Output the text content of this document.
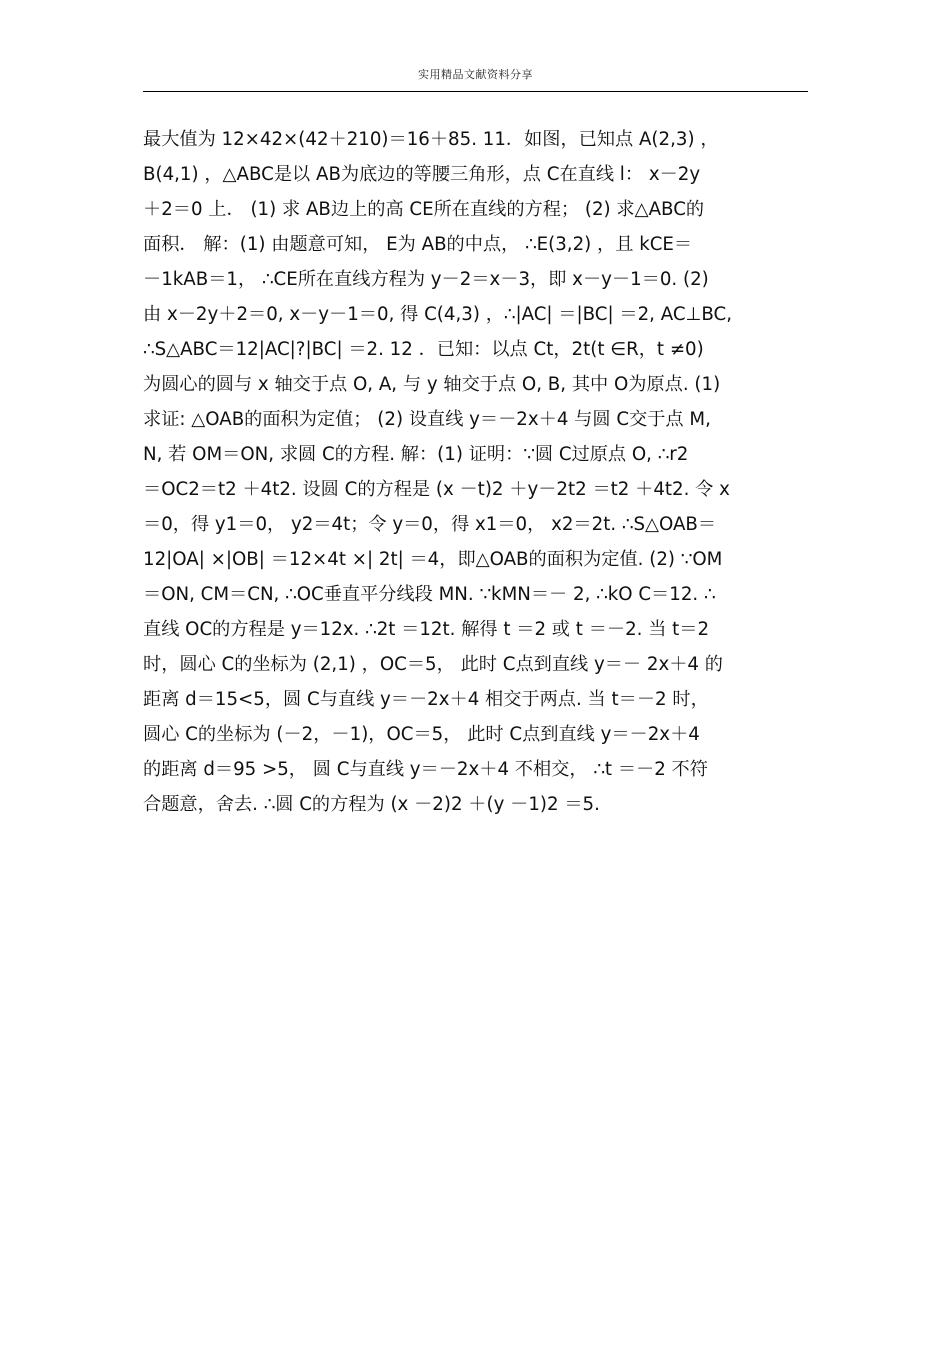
实用精品文献资料分享
最大值为 12×42×(42＋210)＝16＋85. 11．如图，已知点 A(2,3) ，
B(4,1) ，△ABC是以 AB为底边的等腰三角形，点 C在直线 l： x－2y
＋2＝0 上． (1) 求 AB边上的高 CE所在直线的方程； (2) 求△ABC的
面积． 解：(1) 由题意可知， E为 AB的中点， ∴E(3,2) ，且 kCE＝
－1kAB＝1， ∴CE所在直线方程为 y－2＝x－3，即 x－y－1＝0. (2)
由 x－2y＋2＝0, x－y－1＝0, 得 C(4,3) ，∴|AC| ＝|BC| ＝2, AC⊥BC,
∴S△ABC＝12|AC|?|BC| ＝2. 12 ．已知：以点 Ct，2t(t ∈R，t ≠0)
为圆心的圆与 x 轴交于点 O, A, 与 y 轴交于点 O, B, 其中 O为原点. (1)
求证: △OAB的面积为定值； (2) 设直线 y＝－2x＋4 与圆 C交于点 M,
N, 若 OM＝ON, 求圆 C的方程. 解：(1) 证明：∵圆 C过原点 O, ∴r2
＝OC2＝t2 ＋4t2. 设圆 C的方程是 (x －t)2 ＋y－2t2 ＝t2 ＋4t2. 令 x
＝0，得 y1＝0， y2＝4t；令 y＝0，得 x1＝0， x2＝2t. ∴S△OAB＝
12|OA| ×|OB| ＝12×4t ×| 2t| ＝4，即△OAB的面积为定值. (2) ∵OM
＝ON, CM＝CN, ∴OC垂直平分线段 MN. ∵kMN＝－ 2, ∴kO C＝12. ∴
直线 OC的方程是 y＝12x. ∴2t ＝12t. 解得 t ＝2 或 t ＝－2. 当 t＝2
时，圆心 C的坐标为 (2,1) ，OC＝5， 此时 C点到直线 y＝－ 2x＋4 的
距离 d＝15<5，圆 C与直线 y＝－2x＋4 相交于两点. 当 t＝－2 时，
圆心 C的坐标为 (－2，－1)，OC＝5， 此时 C点到直线 y＝－2x＋4
的距离 d＝95 >5， 圆 C与直线 y＝－2x＋4 不相交， ∴t ＝－2 不符
合题意，舍去. ∴圆 C的方程为 (x －2)2 ＋(y －1)2 ＝5.
